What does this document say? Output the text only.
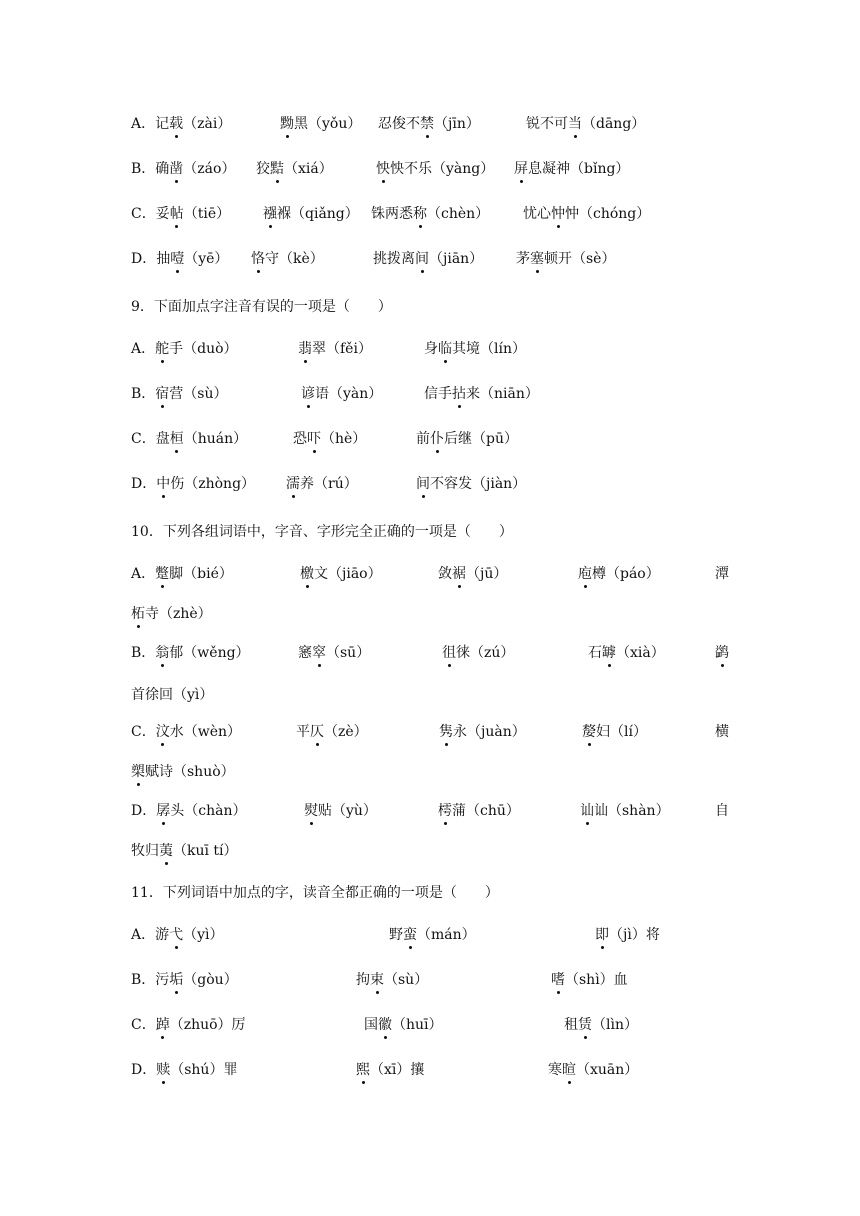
A．记载（zài）	黝黑（yǒu） 忍俊不禁（jīn）	锐不可当（dāng）
B．确凿（záo） 狡黠（xiá）	怏怏不乐（yàng） 屏息凝神（bǐng）
C．妥帖（tiē） 襁褓（qiǎng） 铢两悉称（chèn） 忧心忡忡（chóng）
D．抽噎（yē） 恪守（kè）	挑拨离间（jiān） 茅塞顿开（sè）
9．下面加点字注音有误的一项是（　　）
A．舵手（duò）	翡翠（fěi）	身临其境（lín）
B．宿营（sù）	谚语（yàn）	信手拈来（niān）
C．盘桓（huán）	恐吓（hè）	前仆后继（pū）
D．中伤（zhòng） 濡养（rú）	间不容发（jiàn）
10．下列各组词语中，字音、字形完全正确的一项是（　　）
A．蹩脚（bié）	檄文（jiāo）	敛裾（jū）	庖樽（páo）	潭
柘寺（zhè）
B．翁郁（wěng）	窸窣（sū）	徂徕（zú）	石罅（xià）	鹢
首徐回（yì）
C．汶水（wèn）	平仄（zè）	隽永（juàn）	嫠妇（lí）	横
槊赋诗（shuò）
D．孱头（chàn）	熨贴（yù）	樗蒲（chū）	讪讪（shàn）	自
牧归荑（kuī tí）
11．下列词语中加点的字，读音全都正确的一项是（　　）
A．游弋（yì）	野蛮（mán）	即（jì）将
B．污垢（gòu）	拘束（sù）	嗜（shì）血
C．踔（zhuō）厉	国徽（huī）	租赁（lìn）
D．赎（shú）罪	熙（xī）攘	寒暄（xuān）
